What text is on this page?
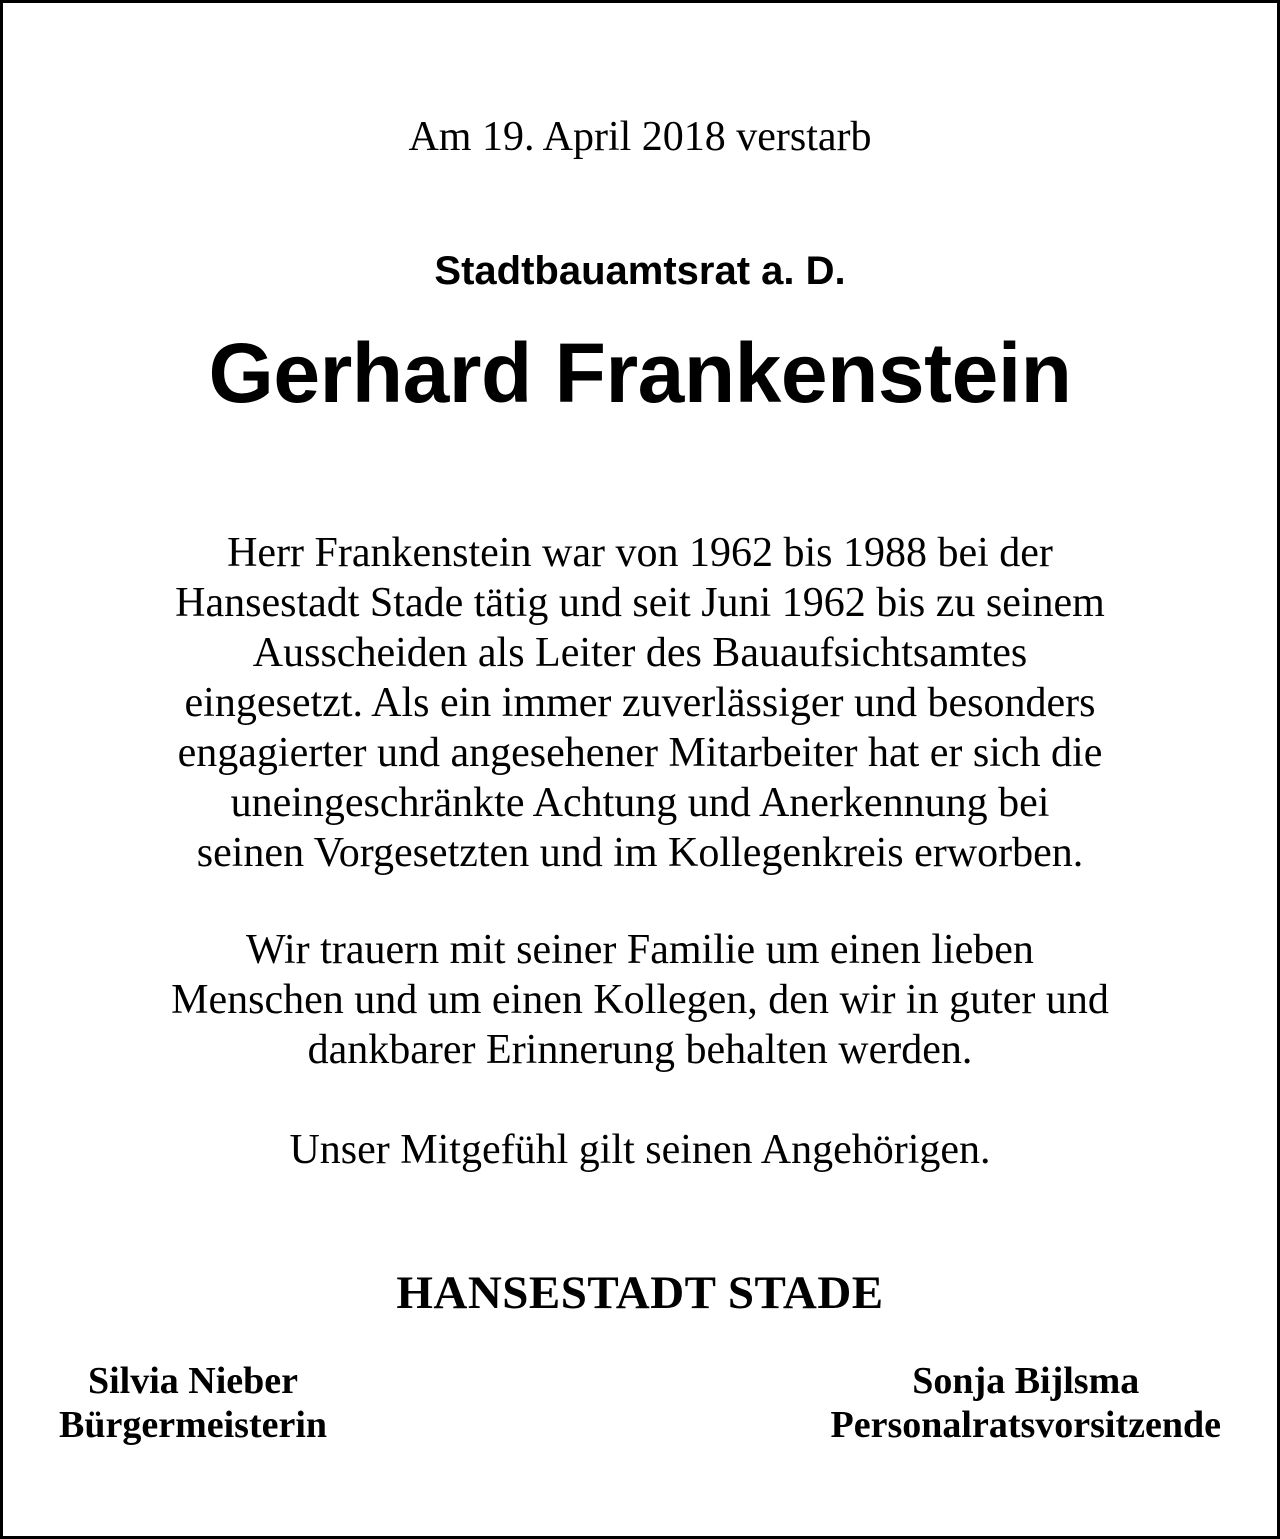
Am 19. April 2018 verstarb

Stadtbauamtsrat a. D.

Gerhard Frankenstein

Herr Frankenstein war von 1962 bis 1988 bei der
Hansestadt Stade tätig und seit Juni 1962 bis zu seinem
Ausscheiden als Leiter des Bauaufsichtsamtes
eingesetzt. Als ein immer zuverlässiger und besonders
engagierter und angesehener Mitarbeiter hat er sich die
uneingeschränkte Achtung und Anerkennung bei
seinen Vorgesetzten und im Kollegenkreis erworben.
Wir trauern mit seiner Familie um einen lieben
Menschen und um einen Kollegen, den wir in guter und
dankbarer Erinnerung behalten werden.
Unser Mitgefühl gilt seinen Angehörigen.

HANSESTADT STADE

Silvia Nieber
Bürgermeisterin
Sonja Bijlsma
Personalratsvorsitzende
